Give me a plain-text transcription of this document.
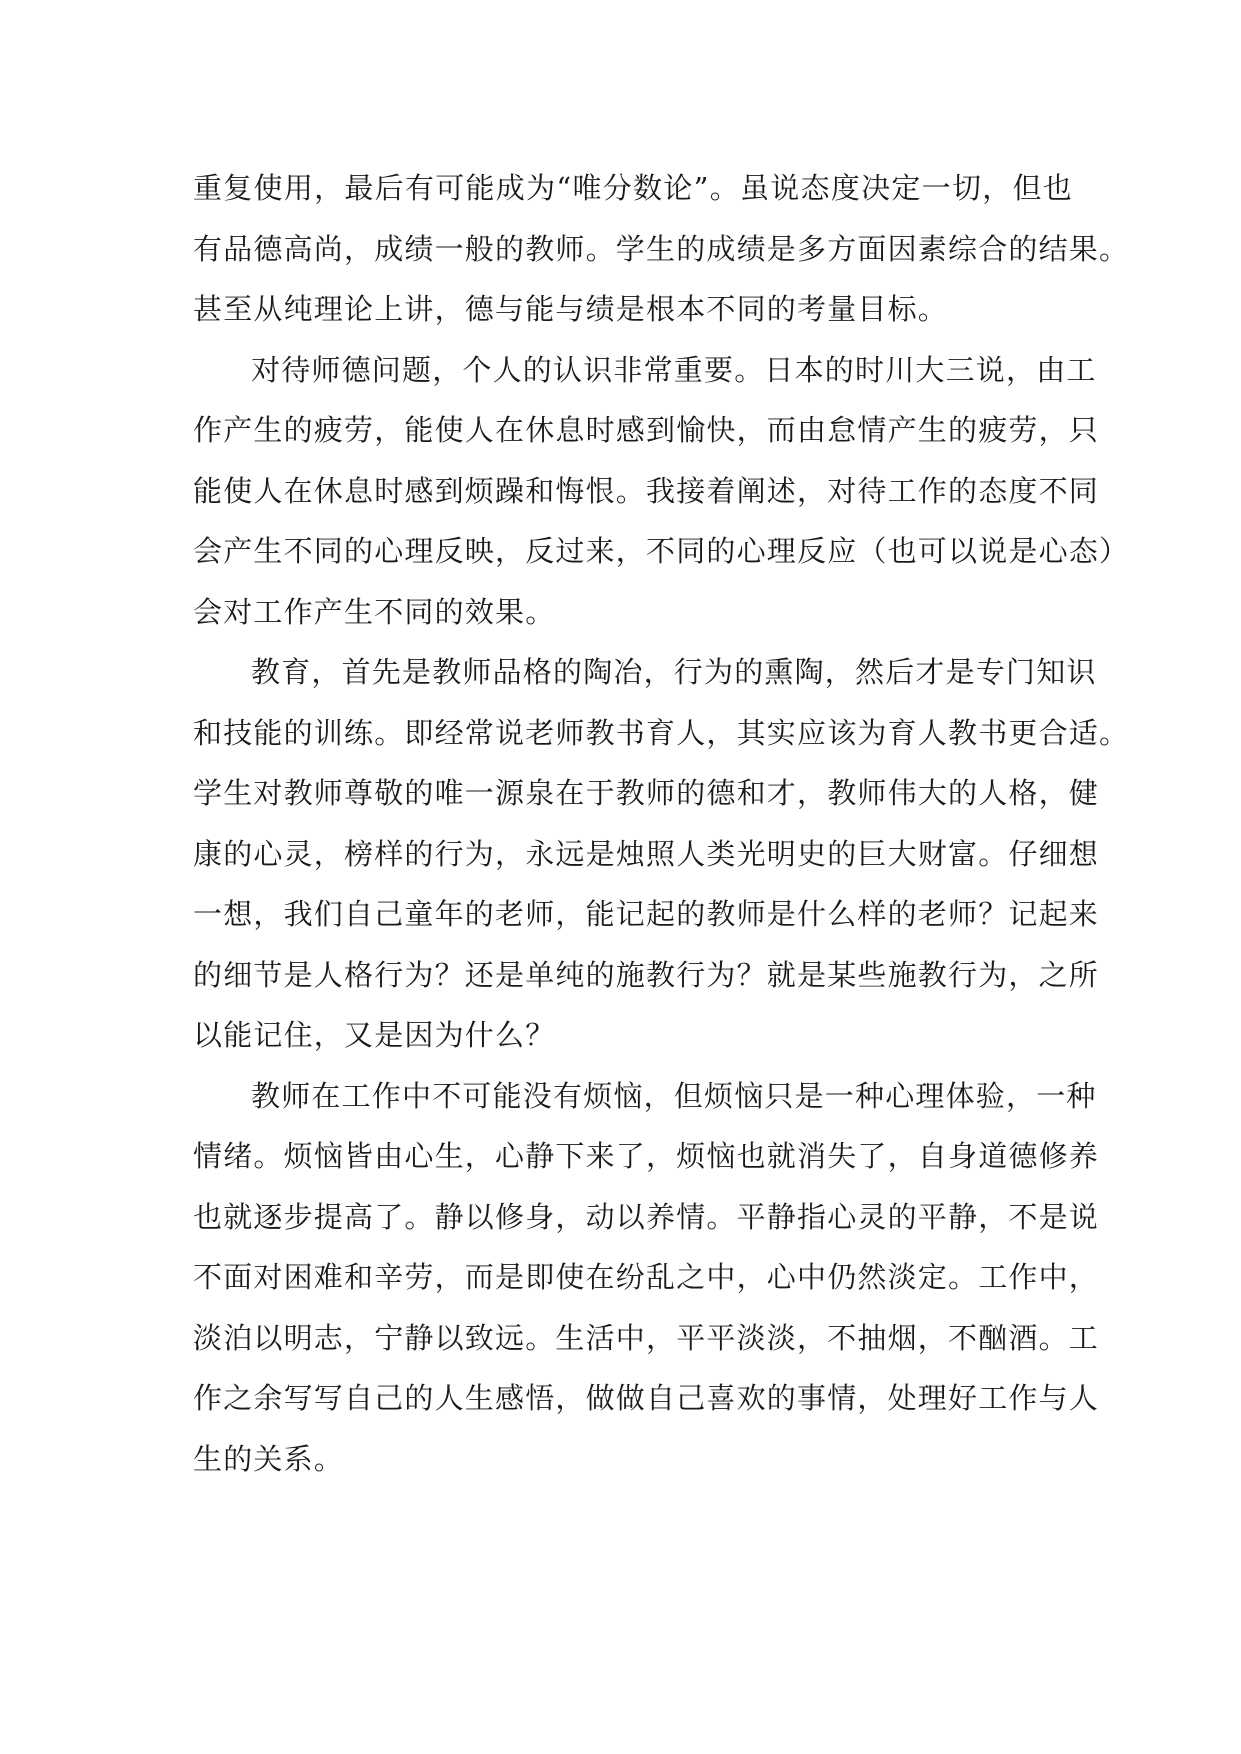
重复使用，最后有可能成为“唯分数论”。虽说态度决定一切，但也
有品德高尚，成绩一般的教师。学生的成绩是多方面因素综合的结果。
甚至从纯理论上讲，德与能与绩是根本不同的考量目标。
对待师德问题，个人的认识非常重要。日本的时川大三说，由工
作产生的疲劳，能使人在休息时感到愉快，而由怠情产生的疲劳，只
能使人在休息时感到烦躁和悔恨。我接着阐述，对待工作的态度不同
会产生不同的心理反映，反过来，不同的心理反应（也可以说是心态）
会对工作产生不同的效果。
教育，首先是教师品格的陶冶，行为的熏陶，然后才是专门知识
和技能的训练。即经常说老师教书育人，其实应该为育人教书更合适。
学生对教师尊敬的唯一源泉在于教师的德和才，教师伟大的人格，健
康的心灵，榜样的行为，永远是烛照人类光明史的巨大财富。仔细想
一想，我们自己童年的老师，能记起的教师是什么样的老师？记起来
的细节是人格行为？还是单纯的施教行为？就是某些施教行为，之所
以能记住，又是因为什么？
教师在工作中不可能没有烦恼，但烦恼只是一种心理体验，一种
情绪。烦恼皆由心生，心静下来了，烦恼也就消失了，自身道德修养
也就逐步提高了。静以修身，动以养情。平静指心灵的平静，不是说
不面对困难和辛劳，而是即使在纷乱之中，心中仍然淡定。工作中，
淡泊以明志，宁静以致远。生活中，平平淡淡，不抽烟，不酗酒。工
作之余写写自己的人生感悟，做做自己喜欢的事情，处理好工作与人
生的关系。
